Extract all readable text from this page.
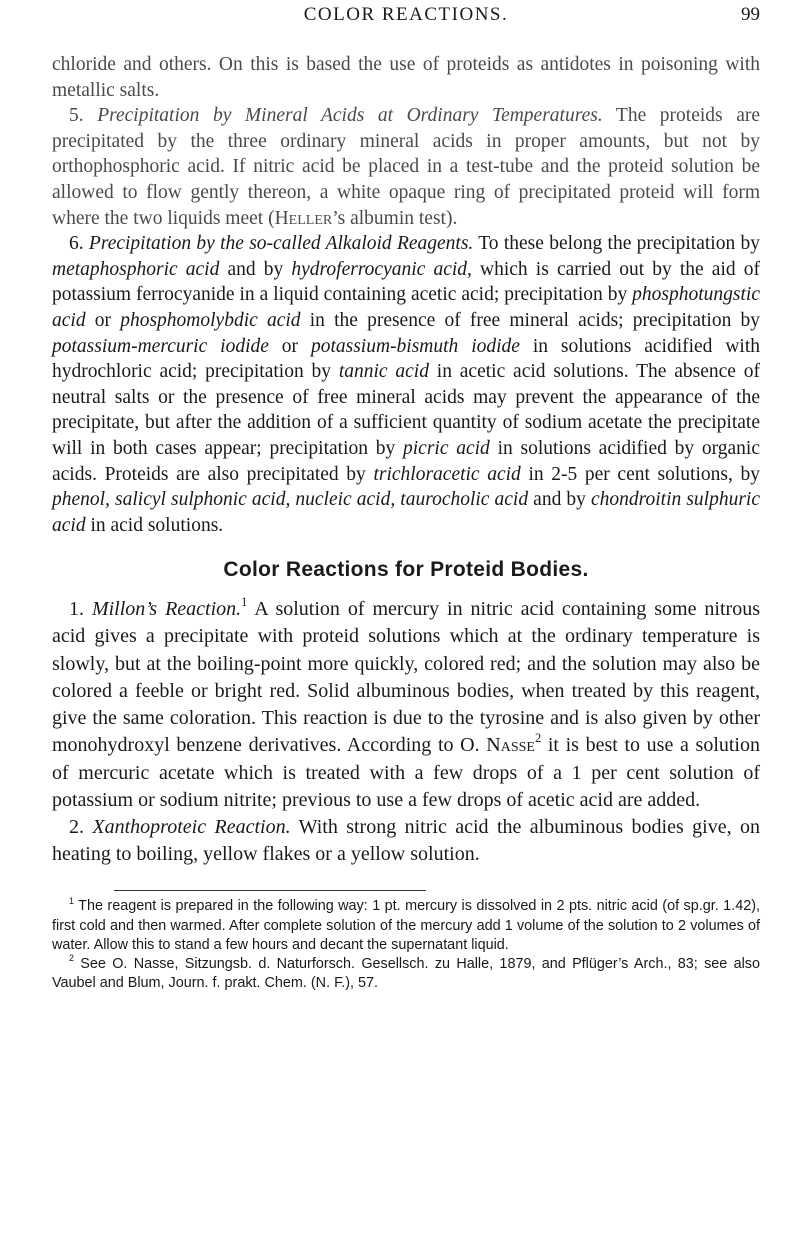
COLOR REACTIONS.	99

chloride and others. On this is based the use of proteids as antidotes in poisoning with metallic salts.

5. Precipitation by Mineral Acids at Ordinary Temperatures. The proteids are precipitated by the three ordinary mineral acids in proper amounts, but not by orthophosphoric acid. If nitric acid be placed in a test-tube and the proteid solution be allowed to flow gently thereon, a white opaque ring of precipitated proteid will form where the two liquids meet (Heller’s albumin test).

6. Precipitation by the so-called Alkaloid Reagents. To these belong the precipitation by metaphosphoric acid and by hydroferrocyanic acid, which is carried out by the aid of potassium ferrocyanide in a liquid containing acetic acid; precipitation by phosphotungstic acid or phosphomolybdic acid in the presence of free mineral acids; precipitation by potassium-mercuric iodide or potassium-bismuth iodide in solutions acidified with hydrochloric acid; precipitation by tannic acid in acetic acid solutions. The absence of neutral salts or the presence of free mineral acids may prevent the appearance of the precipitate, but after the addition of a sufficient quantity of sodium acetate the precipitate will in both cases appear; precipitation by picric acid in solutions acidified by organic acids. Proteids are also precipitated by trichloracetic acid in 2-5 per cent solutions, by phenol, salicyl sulphonic acid, nucleic acid, taurocholic acid and by chondroitin sulphuric acid in acid solutions.

Color Reactions for Proteid Bodies.

1. Millon’s Reaction.$^1$ A solution of mercury in nitric acid containing some nitrous acid gives a precipitate with proteid solutions which at the ordinary temperature is slowly, but at the boiling-point more quickly, colored red; and the solution may also be colored a feeble or bright red. Solid albuminous bodies, when treated by this reagent, give the same coloration. This reaction is due to the tyrosine and is also given by other monohydroxyl benzene derivatives. According to O. Nasse$^2$ it is best to use a solution of mercuric acetate which is treated with a few drops of a 1 per cent solution of potassium or sodium nitrite; previous to use a few drops of acetic acid are added.

2. Xanthoproteic Reaction. With strong nitric acid the albuminous bodies give, on heating to boiling, yellow flakes or a yellow solution.

$^1$ The reagent is prepared in the following way: 1 pt. mercury is dissolved in 2 pts. nitric acid (of sp.gr. 1.42), first cold and then warmed. After complete solution of the mercury add 1 volume of the solution to 2 volumes of water. Allow this to stand a few hours and decant the supernatant liquid.

$^2$ See O. Nasse, Sitzungsb. d. Naturforsch. Gesellsch. zu Halle, 1879, and Pflüger’s Arch., 83; see also Vaubel and Blum, Journ. f. prakt. Chem. (N. F.), 57.
